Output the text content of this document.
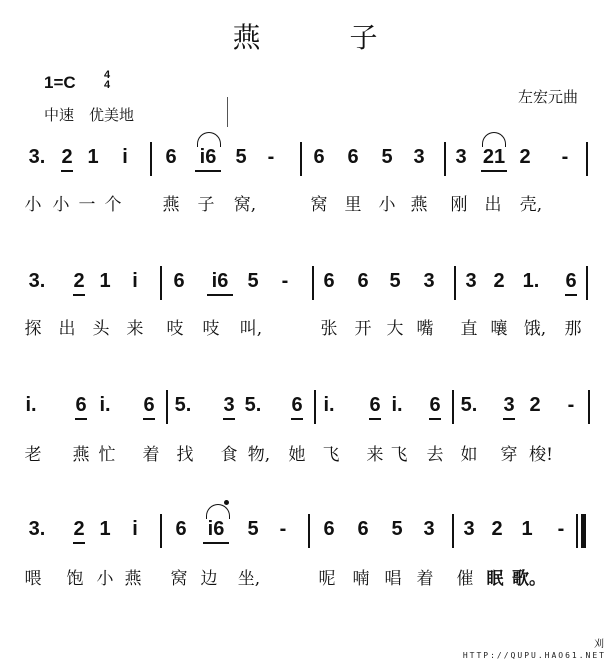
燕 子
1=C	4
4
中速　优美地
左宏元曲
3. 2 1	i	6	i6 5 - 6 6 5 3 3 21 2 -
小 小 一 个 燕 子	窝,	窝 里 小 燕 刚 出	壳,
3. 2 1	i	6	i6 5 - 6 6 5 3 3 2 1. 6
探 出 头 来 吱 吱	叫,	张 开 大 嘴 直 嚷 饿,	那
i. 6 i. 6 5. 3 5. 6 i. 6 i. 6 5. 3 2 -
老 燕 忙 着 找 食 物,	她 飞 来 飞 去 如 穿 梭!
3. 2 1	i	6	i6	5 - 6 6 5 3 3 2 1 -
喂 饱 小 燕 窝 边	坐,	呢 喃 唱 着 催 眠 歌。
刈
HTTP://QUPU.HAO61.NET
